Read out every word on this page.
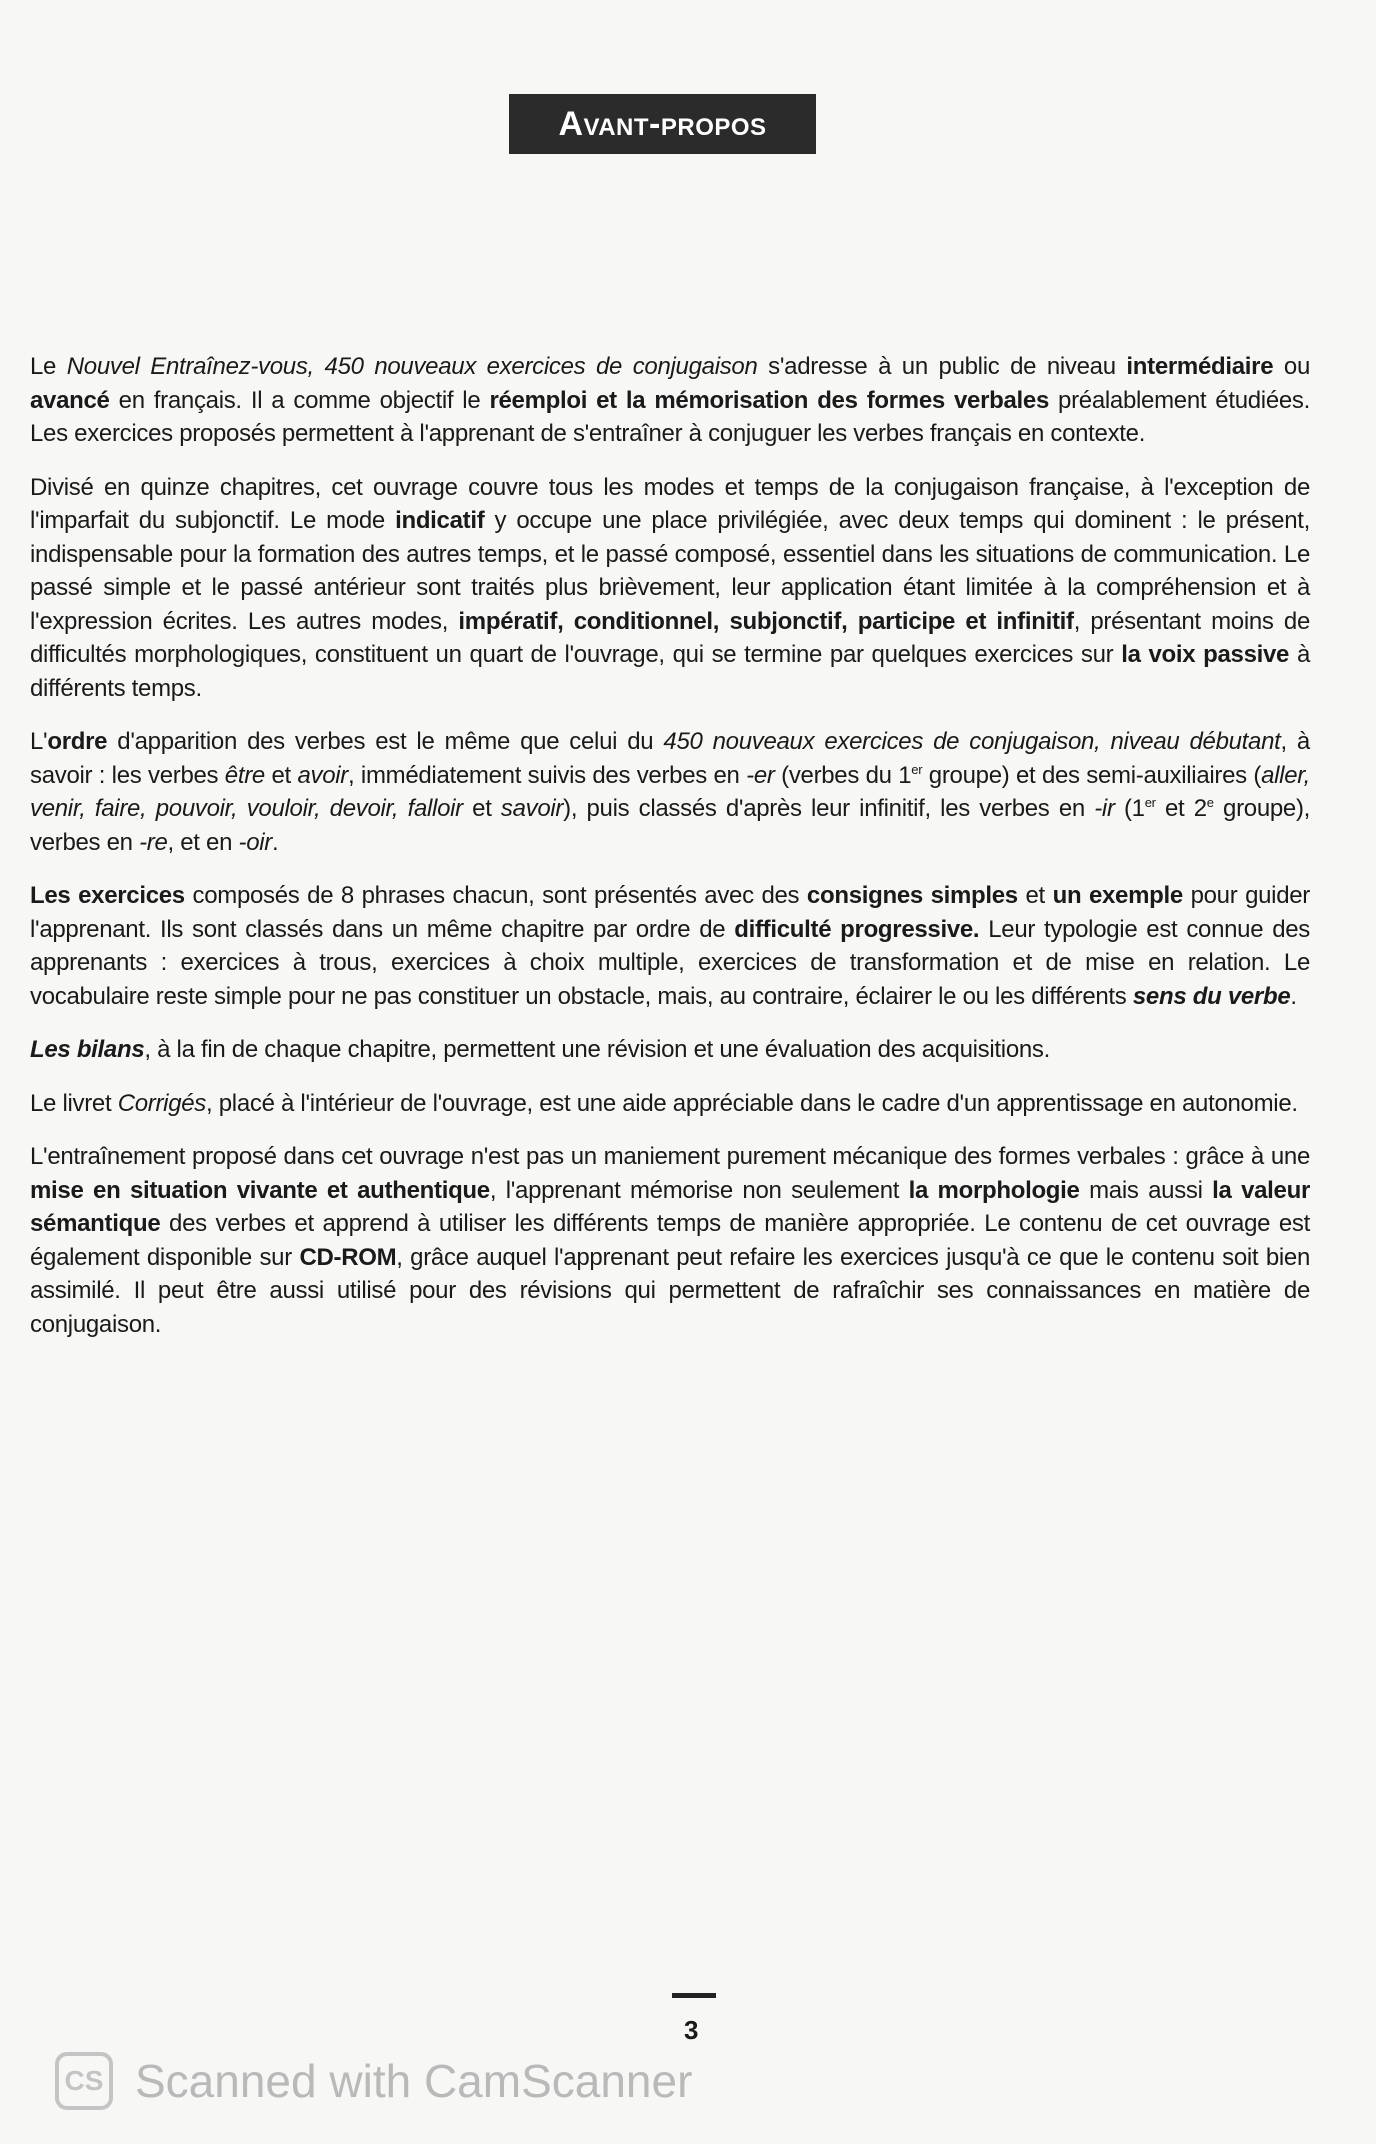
Avant-propos

Le Nouvel Entraînez-vous, 450 nouveaux exercices de conjugaison s'adresse à un public de niveau intermédiaire ou avancé en français. Il a comme objectif le réemploi et la mémorisation des formes verbales préalablement étudiées. Les exercices proposés permettent à l'apprenant de s'entraîner à conjuguer les verbes français en contexte.

Divisé en quinze chapitres, cet ouvrage couvre tous les modes et temps de la conjugaison française, à l'exception de l'imparfait du subjonctif. Le mode indicatif y occupe une place privilégiée, avec deux temps qui dominent : le présent, indispensable pour la formation des autres temps, et le passé composé, essentiel dans les situations de communication. Le passé simple et le passé antérieur sont traités plus brièvement, leur application étant limitée à la compréhension et à l'expression écrites. Les autres modes, impératif, conditionnel, subjonctif, participe et infinitif, présentant moins de difficultés morphologiques, constituent un quart de l'ouvrage, qui se termine par quelques exercices sur la voix passive à différents temps.

L'ordre d'apparition des verbes est le même que celui du 450 nouveaux exercices de conjugaison, niveau débutant, à savoir : les verbes être et avoir, immédiatement suivis des verbes en -er (verbes du 1er groupe) et des semi-auxiliaires (aller, venir, faire, pouvoir, vouloir, devoir, falloir et savoir), puis classés d'après leur infinitif, les verbes en -ir (1er et 2e groupe), verbes en -re, et en -oir.

Les exercices composés de 8 phrases chacun, sont présentés avec des consignes simples et un exemple pour guider l'apprenant. Ils sont classés dans un même chapitre par ordre de difficulté progressive. Leur typologie est connue des apprenants : exercices à trous, exercices à choix multiple, exercices de transformation et de mise en relation. Le vocabulaire reste simple pour ne pas constituer un obstacle, mais, au contraire, éclairer le ou les différents sens du verbe.

Les bilans, à la fin de chaque chapitre, permettent une révision et une évaluation des acquisitions.

Le livret Corrigés, placé à l'intérieur de l'ouvrage, est une aide appréciable dans le cadre d'un apprentissage en autonomie.

L'entraînement proposé dans cet ouvrage n'est pas un maniement purement mécanique des formes verbales : grâce à une mise en situation vivante et authentique, l'apprenant mémorise non seulement la morphologie mais aussi la valeur sémantique des verbes et apprend à utiliser les différents temps de manière appropriée. Le contenu de cet ouvrage est également disponible sur CD-ROM, grâce auquel l'apprenant peut refaire les exercices jusqu'à ce que le contenu soit bien assimilé. Il peut être aussi utilisé pour des révisions qui permettent de rafraîchir ses connaissances en matière de conjugaison.

3
CS Scanned with CamScanner
